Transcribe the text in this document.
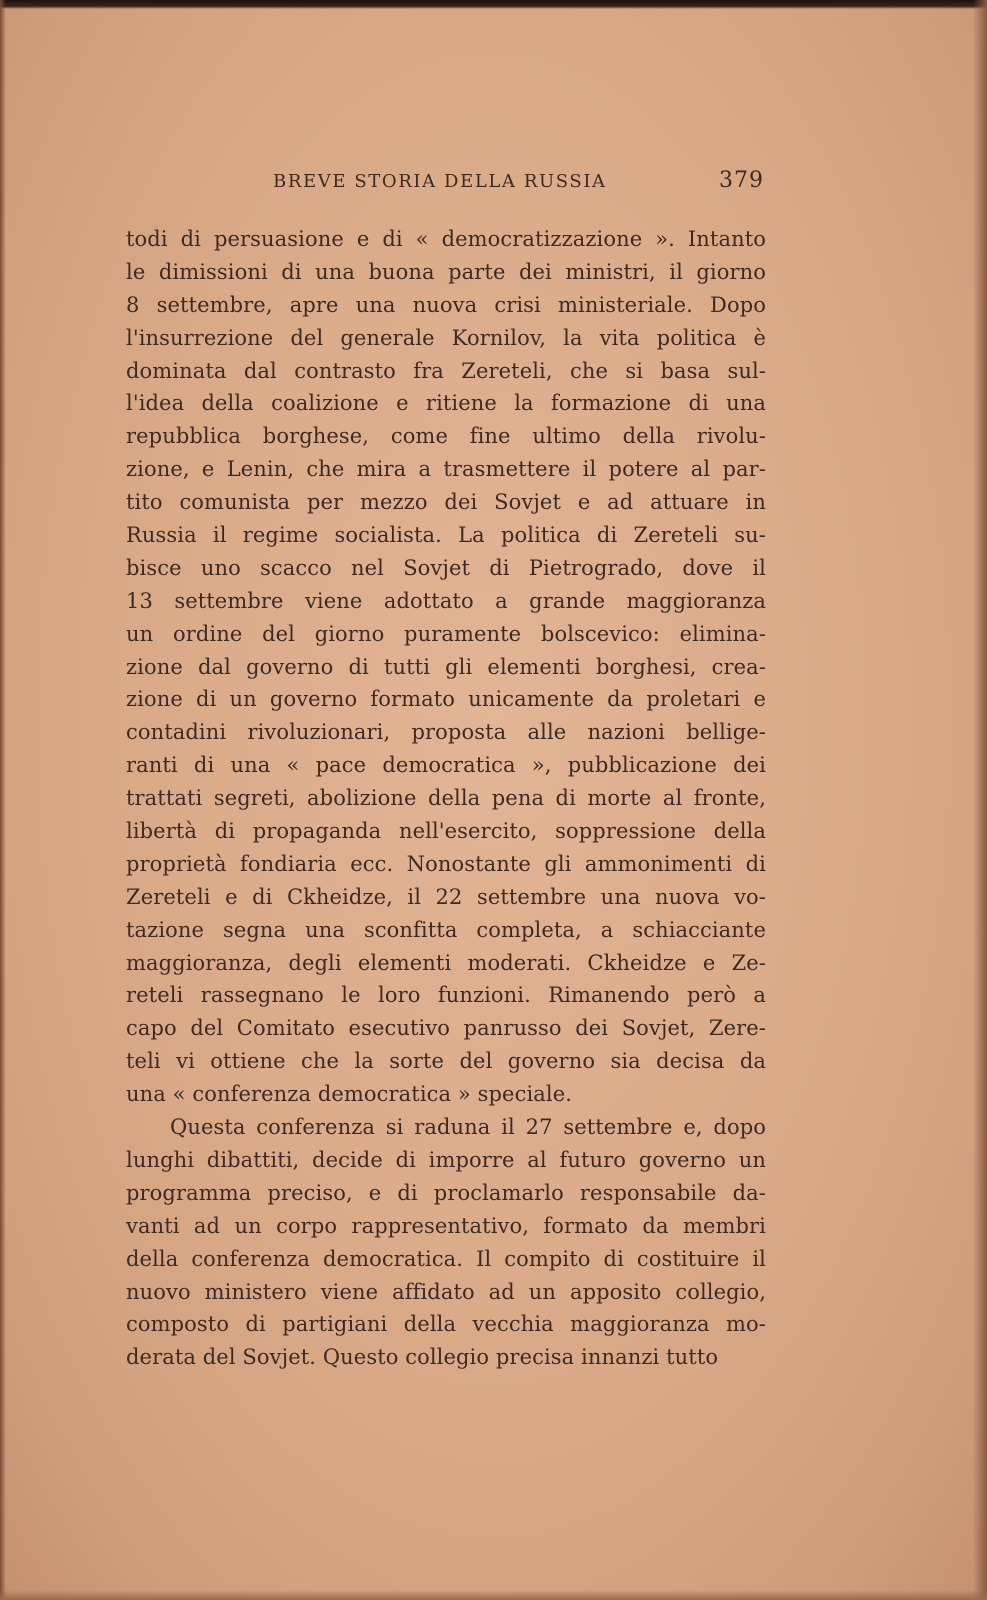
BREVE STORIA DELLA RUSSIA	379
todi di persuasione e di « democratizzazione ». Intanto
le dimissioni di una buona parte dei ministri, il giorno
8 settembre, apre una nuova crisi ministeriale. Dopo
l'insurrezione del generale Kornilov, la vita politica è
dominata dal contrasto fra Zereteli, che si basa sul-
l'idea della coalizione e ritiene la formazione di una
repubblica borghese, come fine ultimo della rivolu-
zione, e Lenin, che mira a trasmettere il potere al par-
tito comunista per mezzo dei Sovjet e ad attuare in
Russia il regime socialista. La politica di Zereteli su-
bisce uno scacco nel Sovjet di Pietrogrado, dove il
13 settembre viene adottato a grande maggioranza
un ordine del giorno puramente bolscevico: elimina-
zione dal governo di tutti gli elementi borghesi, crea-
zione di un governo formato unicamente da proletari e
contadini rivoluzionari, proposta alle nazioni bellige-
ranti di una « pace democratica », pubblicazione dei
trattati segreti, abolizione della pena di morte al fronte,
libertà di propaganda nell'esercito, soppressione della
proprietà fondiaria ecc. Nonostante gli ammonimenti di
Zereteli e di Ckheidze, il 22 settembre una nuova vo-
tazione segna una sconfitta completa, a schiacciante
maggioranza, degli elementi moderati. Ckheidze e Ze-
reteli rassegnano le loro funzioni. Rimanendo però a
capo del Comitato esecutivo panrusso dei Sovjet, Zere-
teli vi ottiene che la sorte del governo sia decisa da
una « conferenza democratica » speciale.
Questa conferenza si raduna il 27 settembre e, dopo
lunghi dibattiti, decide di imporre al futuro governo un
programma preciso, e di proclamarlo responsabile da-
vanti ad un corpo rappresentativo, formato da membri
della conferenza democratica. Il compito di costituire il
nuovo ministero viene affidato ad un apposito collegio,
composto di partigiani della vecchia maggioranza mo-
derata del Sovjet. Questo collegio precisa innanzi tutto
